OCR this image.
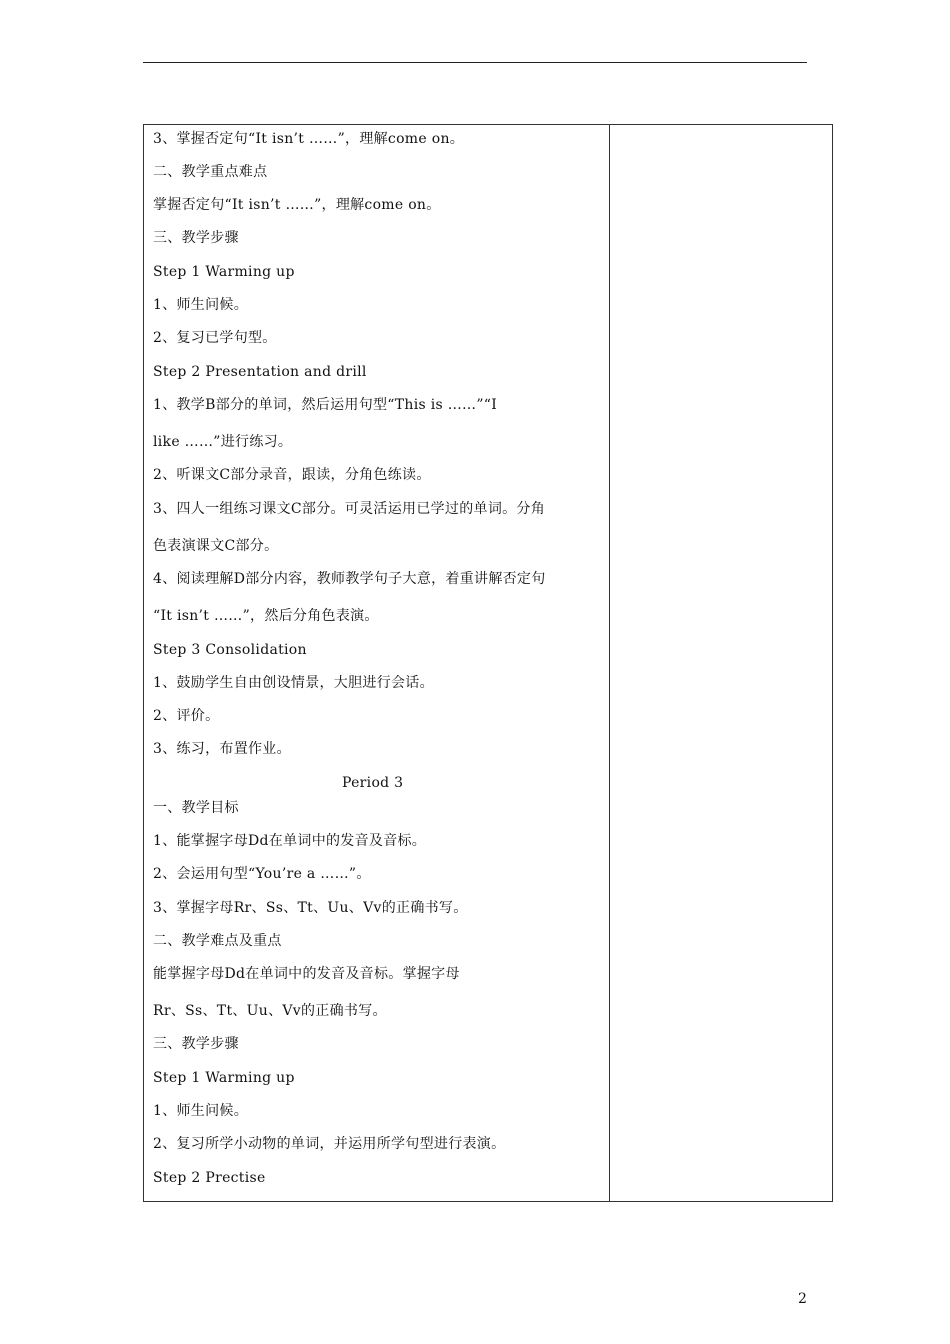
3、掌握否定句“It isn’t ……”，理解come on。
二、教学重点难点
掌握否定句“It isn’t ……”，理解come on。
三、教学步骤
Step 1 Warming up
1、师生问候。
2、复习已学句型。
Step 2 Presentation and drill
1、教学B部分的单词，然后运用句型“This is ……”“I
like ……”进行练习。
2、听课文C部分录音，跟读，分角色练读。
3、四人一组练习课文C部分。可灵活运用已学过的单词。分角
色表演课文C部分。
4、阅读理解D部分内容，教师教学句子大意，着重讲解否定句
“It isn’t ……”，然后分角色表演。
Step 3 Consolidation
1、鼓励学生自由创设情景，大胆进行会话。
2、评价。
3、练习，布置作业。
Period 3
一、教学目标
1、能掌握字母Dd在单词中的发音及音标。
2、会运用句型“You’re a ……”。
3、掌握字母Rr、Ss、Tt、Uu、Vv的正确书写。
二、教学难点及重点
能掌握字母Dd在单词中的发音及音标。掌握字母
Rr、Ss、Tt、Uu、Vv的正确书写。
三、教学步骤
Step 1 Warming up
1、师生问候。
2、复习所学小动物的单词，并运用所学句型进行表演。
Step 2 Prectise
2
